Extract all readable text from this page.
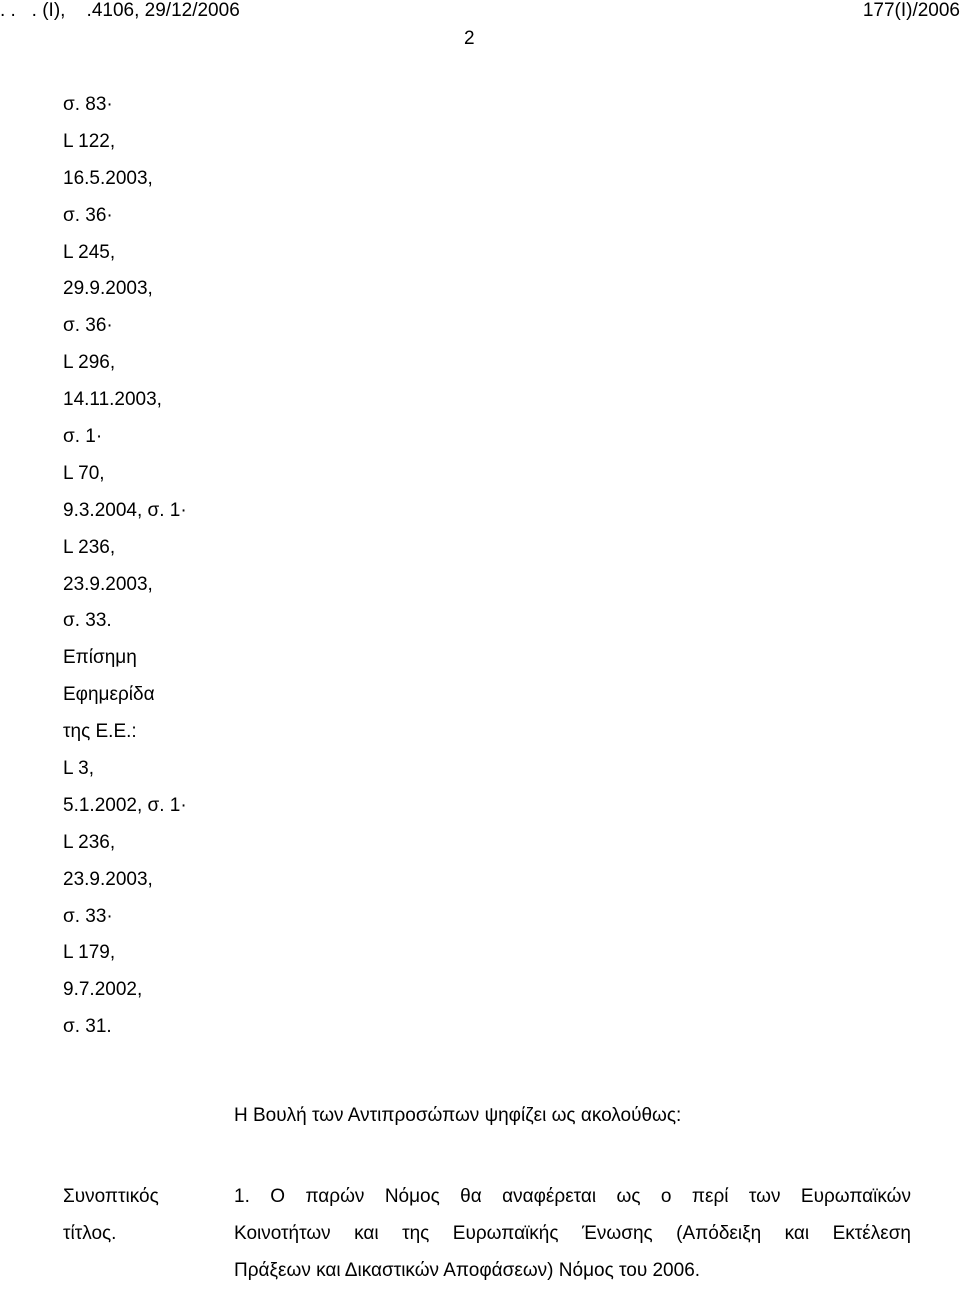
. .   . (Ι),    .4106, 29/12/2006	177(Ι)/2006
2
σ. 83·
L 122,
16.5.2003,
σ. 36·
L 245,
29.9.2003,
σ. 36·
L 296,
14.11.2003,
σ. 1·
L 70,
9.3.2004, σ. 1·
L 236,
23.9.2003,
σ. 33.
Επίσημη
Εφημερίδα
της Ε.Ε.:
L 3,
5.1.2002, σ. 1·
L 236,
23.9.2003,
σ. 33·
L 179,
9.7.2002,
σ. 31.
Η Βουλή των Αντιπροσώπων ψηφίζει ως ακολούθως:
Συνοπτικός
τίτλος.
1. Ο παρών Νόμος θα αναφέρεται ως ο περί των Ευρωπαϊκών
Κοινοτήτων και της Ευρωπαϊκής Ένωσης (Απόδειξη και Εκτέλεση
Πράξεων και Δικαστικών Αποφάσεων) Νόμος του 2006.
